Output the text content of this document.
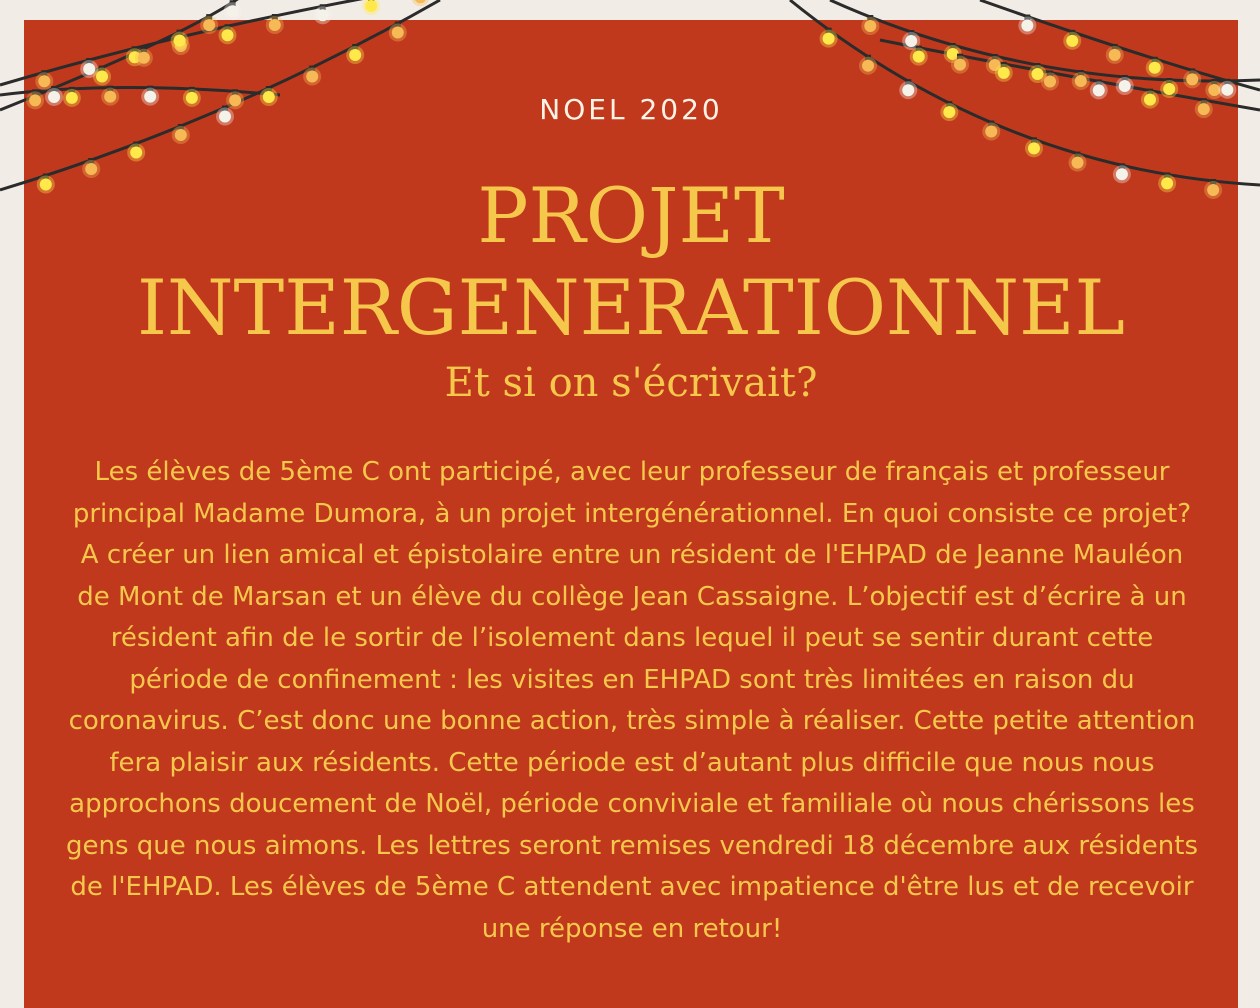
NOEL 2020
PROJET
INTERGENERATIONNEL
Et si on s'écrivait?

Les élèves de 5ème C ont participé, avec leur professeur de français et professeur principal Madame Dumora, à un projet intergénérationnel. En quoi consiste ce projet? A créer un lien amical et épistolaire entre un résident de l'EHPAD de Jeanne Mauléon de Mont de Marsan et un élève du collège Jean Cassaigne. L’objectif est d’écrire à un résident afin de le sortir de l’isolement dans lequel il peut se sentir durant cette période de confinement : les visites en EHPAD sont très limitées en raison du coronavirus. C’est donc une bonne action, très simple à réaliser. Cette petite attention fera plaisir aux résidents. Cette période est d’autant plus difficile que nous nous approchons doucement de Noël, période conviviale et familiale où nous chérissons les gens que nous aimons. Les lettres seront remises vendredi 18 décembre aux résidents de l'EHPAD. Les élèves de 5ème C attendent avec impatience d'être lus et de recevoir une réponse en retour!
